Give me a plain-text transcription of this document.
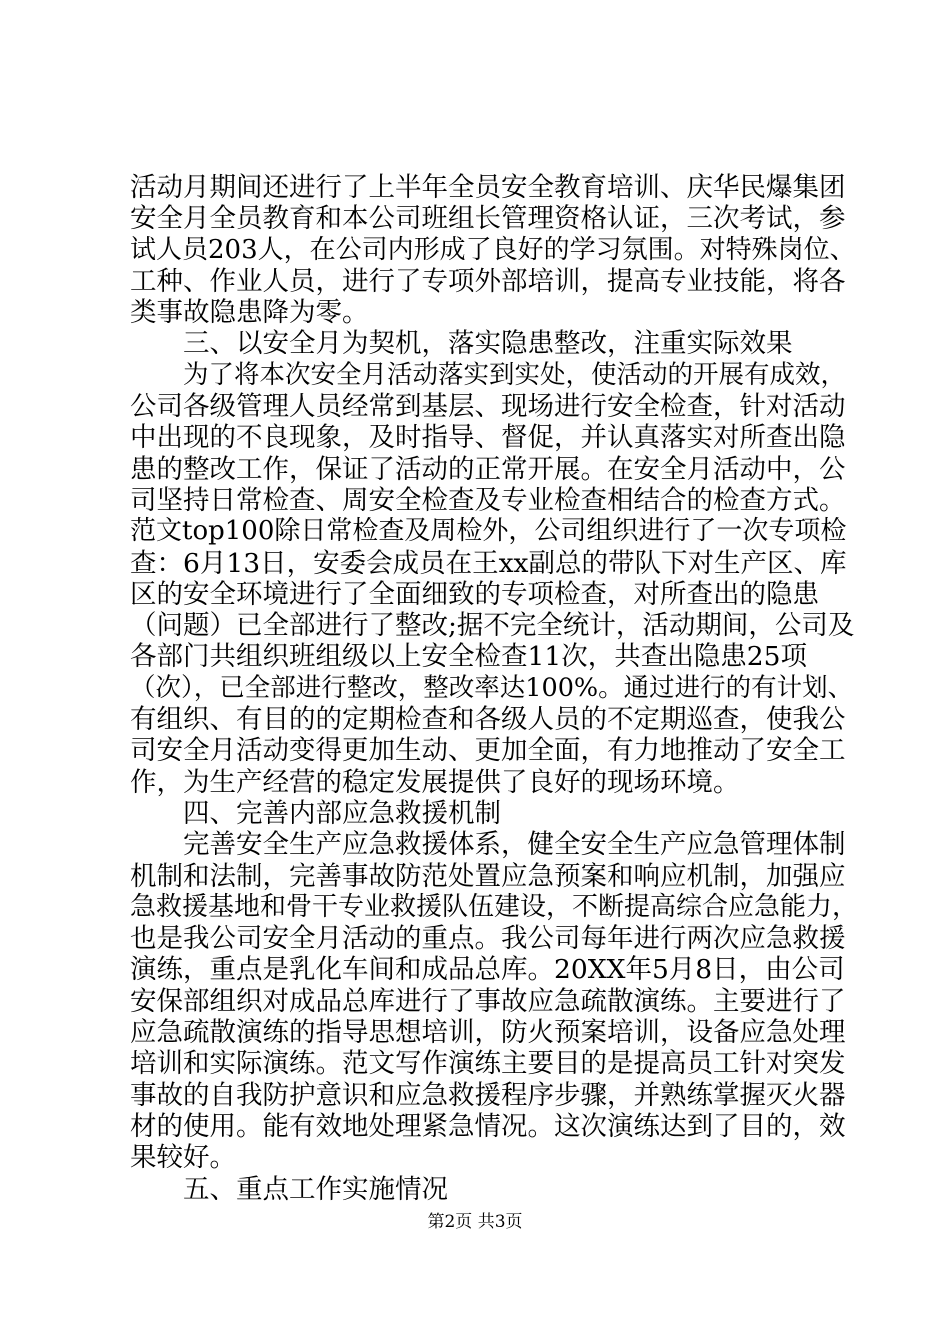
活动月期间还进行了上半年全员安全教育培训、庆华民爆集团
安全月全员教育和本公司班组长管理资格认证，三次考试，参
试人员203人，在公司内形成了良好的学习氛围。对特殊岗位、
工种、作业人员，进行了专项外部培训，提高专业技能，将各
类事故隐患降为零。
三、以安全月为契机，落实隐患整改，注重实际效果
为了将本次安全月活动落实到实处，使活动的开展有成效，
公司各级管理人员经常到基层、现场进行安全检查，针对活动
中出现的不良现象，及时指导、督促，并认真落实对所查出隐
患的整改工作，保证了活动的正常开展。在安全月活动中，公
司坚持日常检查、周安全检查及专业检查相结合的检查方式。
范文top100除日常检查及周检外，公司组织进行了一次专项检
查：6月13日，安委会成员在王xx副总的带队下对生产区、库
区的安全环境进行了全面细致的专项检查，对所查出的隐患
（问题）已全部进行了整改;据不完全统计，活动期间，公司及
各部门共组织班组级以上安全检查11次，共查出隐患25项
（次），已全部进行整改，整改率达100%。通过进行的有计划、
有组织、有目的的定期检查和各级人员的不定期巡查，使我公
司安全月活动变得更加生动、更加全面，有力地推动了安全工
作，为生产经营的稳定发展提供了良好的现场环境。
四、完善内部应急救援机制
完善安全生产应急救援体系，健全安全生产应急管理体制
机制和法制，完善事故防范处置应急预案和响应机制，加强应
急救援基地和骨干专业救援队伍建设，不断提高综合应急能力，
也是我公司安全月活动的重点。我公司每年进行两次应急救援
演练，重点是乳化车间和成品总库。20XX年5月8日，由公司
安保部组织对成品总库进行了事故应急疏散演练。主要进行了
应急疏散演练的指导思想培训，防火预案培训，设备应急处理
培训和实际演练。范文写作演练主要目的是提高员工针对突发
事故的自我防护意识和应急救援程序步骤，并熟练掌握灭火器
材的使用。能有效地处理紧急情况。这次演练达到了目的，效
果较好。
五、重点工作实施情况
第2页 共3页
